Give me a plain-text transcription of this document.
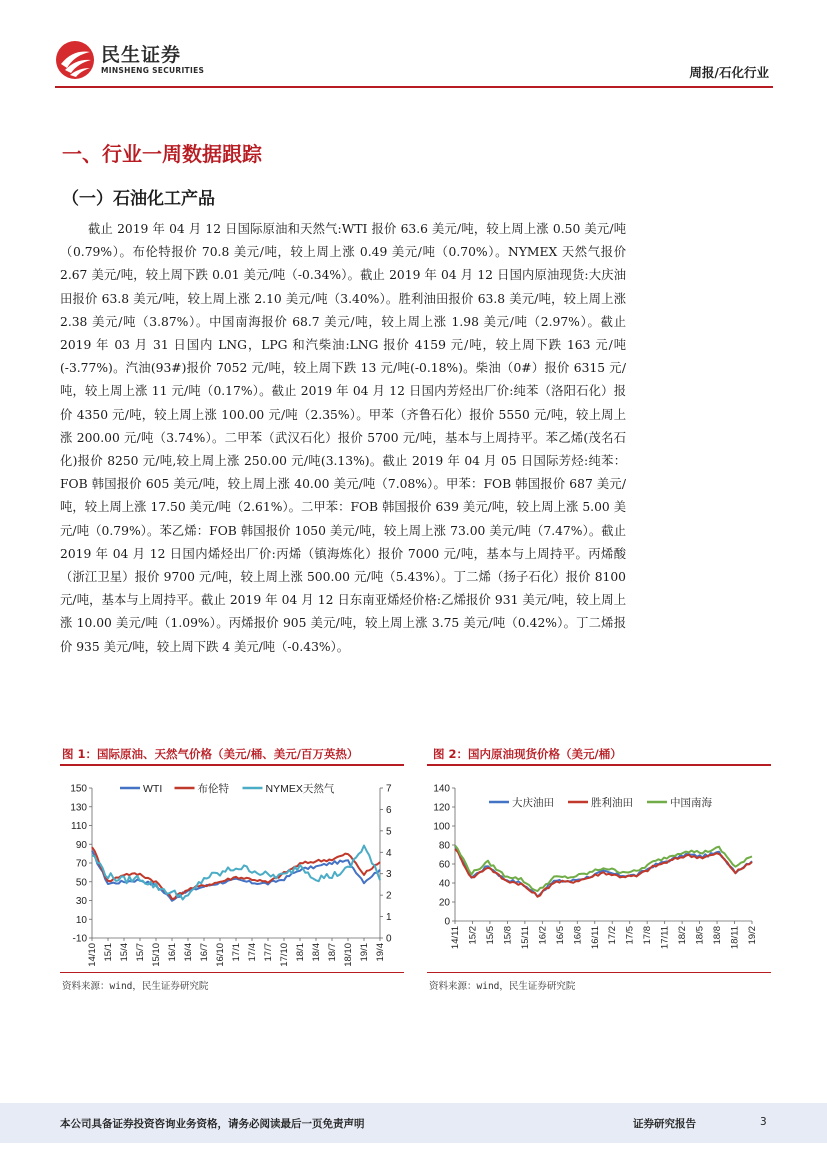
民生证券
MINSHENG SECURITIES	周报/石化行业
一、行业一周数据跟踪
（一）石油化工产品

截止 2019 年 04 月 12 日国际原油和天然气:WTI 报价 63.6 美元/吨，较上周上涨 0.50 美元/吨（0.79%）。布伦特报价 70.8 美元/吨，较上周上涨 0.49 美元/吨（0.70%）。NYMEX 天然气报价 2.67 美元/吨，较上周下跌 0.01 美元/吨（-0.34%）。截止 2019 年 04 月 12 日国内原油现货:大庆油田报价 63.8 美元/吨，较上周上涨 2.10 美元/吨（3.40%）。胜利油田报价 63.8 美元/吨，较上周上涨 2.38 美元/吨（3.87%）。中国南海报价 68.7 美元/吨，较上周上涨 1.98 美元/吨（2.97%）。截止 2019 年 03 月 31 日国内 LNG，LPG 和汽柴油:LNG 报价 4159 元/吨，较上周下跌 163 元/吨(-3.77%)。汽油(93#)报价 7052 元/吨，较上周下跌 13 元/吨(-0.18%)。柴油（0#）报价 6315 元/吨，较上周上涨 11 元/吨（0.17%）。截止 2019 年 04 月 12 日国内芳烃出厂价:纯苯（洛阳石化）报价 4350 元/吨，较上周上涨 100.00 元/吨（2.35%）。甲苯（齐鲁石化）报价 5550 元/吨，较上周上涨 200.00 元/吨（3.74%）。二甲苯（武汉石化）报价 5700 元/吨，基本与上周持平。苯乙烯(茂名石化)报价 8250 元/吨,较上周上涨 250.00 元/吨(3.13%)。截止 2019 年 04 月 05 日国际芳烃:纯苯：FOB 韩国报价 605 美元/吨，较上周上涨 40.00 美元/吨（7.08%）。甲苯：FOB 韩国报价 687 美元/吨，较上周上涨 17.50 美元/吨（2.61%）。二甲苯：FOB 韩国报价 639 美元/吨，较上周上涨 5.00 美元/吨（0.79%）。苯乙烯：FOB 韩国报价 1050 美元/吨，较上周上涨 73.00 美元/吨（7.47%）。截止 2019 年 04 月 12 日国内烯烃出厂价:丙烯（镇海炼化）报价 7000 元/吨，基本与上周持平。丙烯酸（浙江卫星）报价 9700 元/吨，较上周上涨 500.00 元/吨（5.43%）。丁二烯（扬子石化）报价 8100 元/吨，基本与上周持平。截止 2019 年 04 月 12 日东南亚烯烃价格:乙烯报价 931 美元/吨，较上周上涨 10.00 美元/吨（1.09%）。丙烯报价 905 美元/吨，较上周上涨 3.75 美元/吨（0.42%）。丁二烯报价 935 美元/吨，较上周下跌 4 美元/吨（-0.43%）。

图 1：国际原油、天然气价格（美元/桶、美元/百万英热）
-10
10
30
50
70
90
110
130
150
0
1
2
3
4
5
6
7
14/10 15/1 15/4 15/7 15/10 16/1 16/4 16/7 16/10 17/1 17/4 17/7 17/10 18/1 18/4 18/7 18/10 19/1 19/4
WTI	布伦特	NYMEX天然气
资料来源：wind，民生证券研究院
图 2：国内原油现货价格（美元/桶）
0
20
40
60
80
100
120
140
14/11 15/2 15/5 15/8 15/11 16/2 16/5 16/8 16/11 17/2 17/5 17/8 17/11 18/2 18/5 18/8 18/11 19/2
大庆油田	胜利油田	中国南海
资料来源：wind，民生证券研究院
本公司具备证券投资咨询业务资格，请务必阅读最后一页免责声明	证券研究报告	3
